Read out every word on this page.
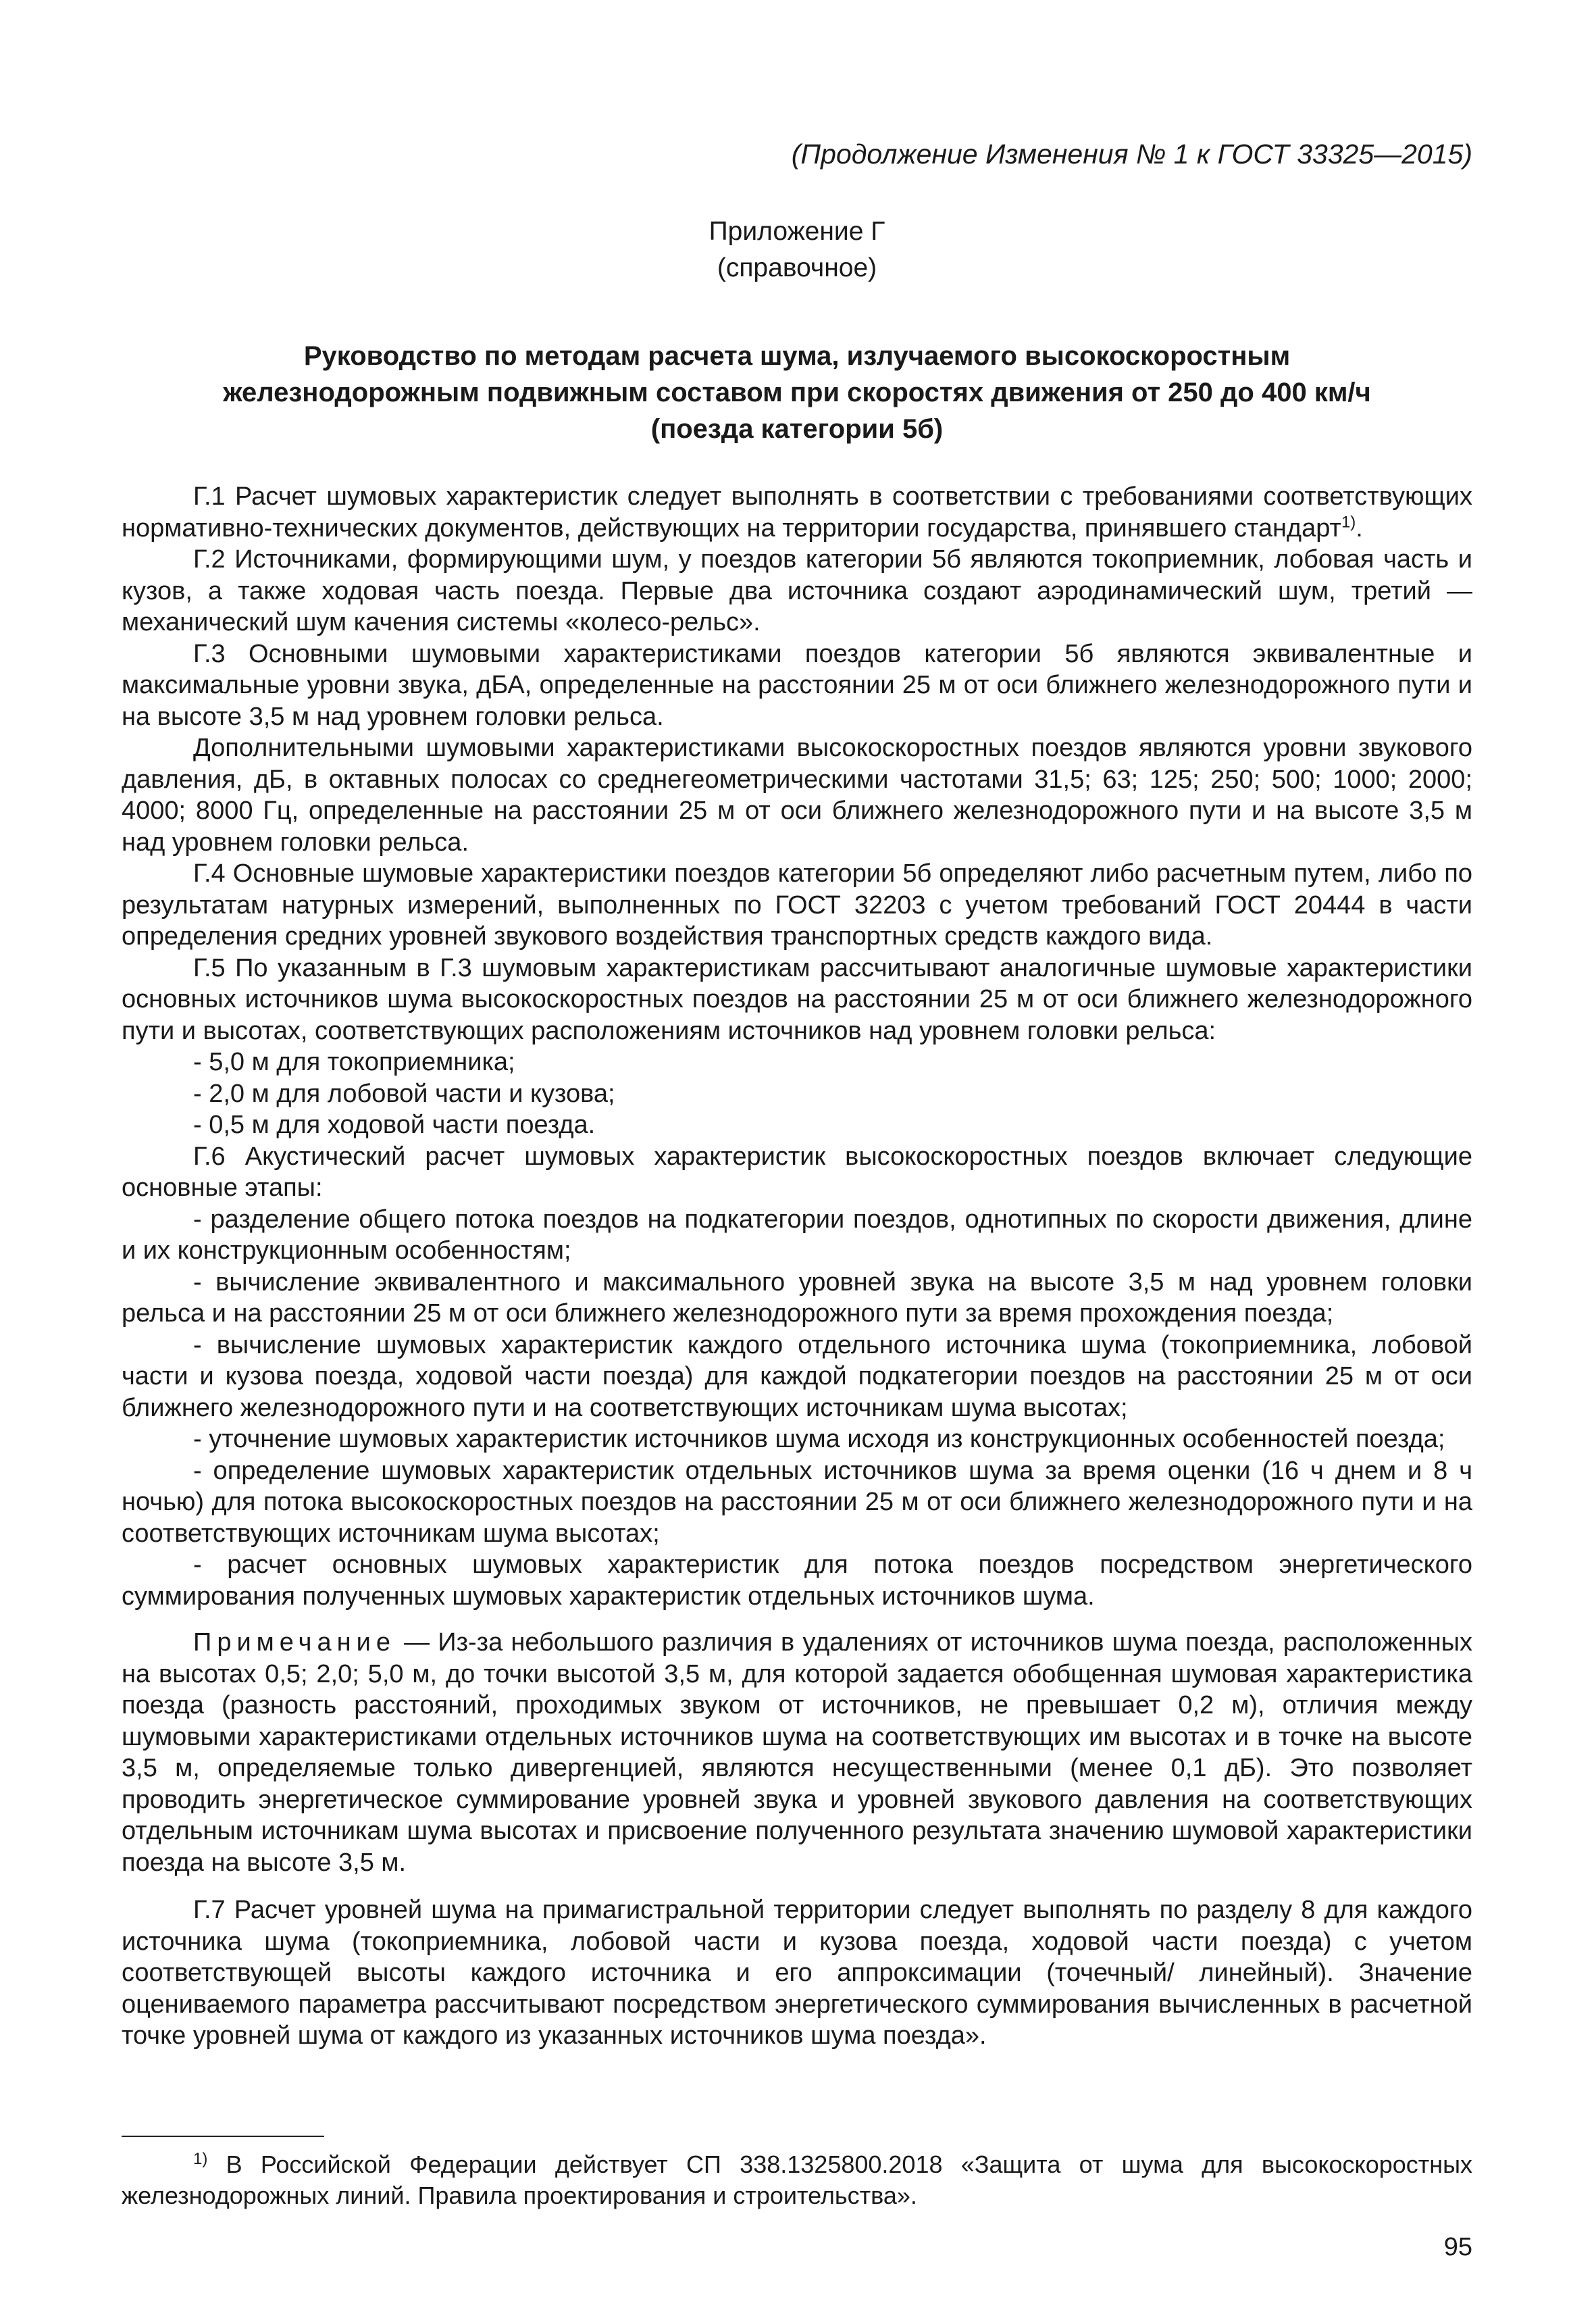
(Продолжение Изменения № 1 к ГОСТ 33325—2015)
Приложение Г
(справочное)
Руководство по методам расчета шума, излучаемого высокоскоростным
железнодорожным подвижным составом при скоростях движения от 250 до 400 км/ч
(поезда категории 5б)

Г.1 Расчет шумовых характеристик следует выполнять в соответствии с требованиями соответствующих нормативно-технических документов, действующих на территории государства, принявшего стандарт$^{1)}$.

Г.2 Источниками, формирующими шум, у поездов категории 5б являются токоприемник, лобовая часть и кузов, а также ходовая часть поезда. Первые два источника создают аэродинамический шум, третий — механический шум качения системы «колесо-рельс».

Г.3 Основными шумовыми характеристиками поездов категории 5б являются эквивалентные и максимальные уровни звука, дБА, определенные на расстоянии 25 м от оси ближнего железнодорожного пути и на высоте 3,5 м над уровнем головки рельса.

Дополнительными шумовыми характеристиками высокоскоростных поездов являются уровни звукового давления, дБ, в октавных полосах со среднегеометрическими частотами 31,5; 63; 125; 250; 500; 1000; 2000; 4000; 8000 Гц, определенные на расстоянии 25 м от оси ближнего железнодорожного пути и на высоте 3,5 м над уровнем головки рельса.

Г.4 Основные шумовые характеристики поездов категории 5б определяют либо расчетным путем, либо по результатам натурных измерений, выполненных по ГОСТ 32203 с учетом требований ГОСТ 20444 в части определения средних уровней звукового воздействия транспортных средств каждого вида.

Г.5 По указанным в Г.3 шумовым характеристикам рассчитывают аналогичные шумовые характеристики основных источников шума высокоскоростных поездов на расстоянии 25 м от оси ближнего железнодорожного пути и высотах, соответствующих расположениям источников над уровнем головки рельса:

- 5,0 м для токоприемника;

- 2,0 м для лобовой части и кузова;

- 0,5 м для ходовой части поезда.

Г.6 Акустический расчет шумовых характеристик высокоскоростных поездов включает следующие основные этапы:

- разделение общего потока поездов на подкатегории поездов, однотипных по скорости движения, длине и их конструкционным особенностям;

- вычисление эквивалентного и максимального уровней звука на высоте 3,5 м над уровнем головки рельса и на расстоянии 25 м от оси ближнего железнодорожного пути за время прохождения поезда;

- вычисление шумовых характеристик каждого отдельного источника шума (токоприемника, лобовой части и кузова поезда, ходовой части поезда) для каждой подкатегории поездов на расстоянии 25 м от оси ближнего железнодорожного пути и на соответствующих источникам шума высотах;

- уточнение шумовых характеристик источников шума исходя из конструкционных особенностей поезда;

- определение шумовых характеристик отдельных источников шума за время оценки (16 ч днем и 8 ч ночью) для потока высокоскоростных поездов на расстоянии 25 м от оси ближнего железнодорожного пути и на соответствующих источникам шума высотах;

- расчет основных шумовых характеристик для потока поездов посредством энергетического суммирования полученных шумовых характеристик отдельных источников шума.

Примечание — Из-за небольшого различия в удалениях от источников шума поезда, расположенных на высотах 0,5; 2,0; 5,0 м, до точки высотой 3,5 м, для которой задается обобщенная шумовая характеристика поезда (разность расстояний, проходимых звуком от источников, не превышает 0,2 м), отличия между шумовыми характеристиками отдельных источников шума на соответствующих им высотах и в точке на высоте 3,5 м, определяемые только дивергенцией, являются несущественными (менее 0,1 дБ). Это позволяет проводить энергетическое суммирование уровней звука и уровней звукового давления на соответствующих отдельным источникам шума высотах и присвоение полученного результата значению шумовой характеристики поезда на высоте 3,5 м.

Г.7 Расчет уровней шума на примагистральной территории следует выполнять по разделу 8 для каждого источника шума (токоприемника, лобовой части и кузова поезда, ходовой части поезда) с учетом соответствующей высоты каждого источника и его аппроксимации (точечный/ линейный). Значение оцениваемого параметра рассчитывают посредством энергетического суммирования вычисленных в расчетной точке уровней шума от каждого из указанных источников шума поезда».

$^{1)}$ В Российской Федерации действует СП 338.1325800.2018 «Защита от шума для высокоскоростных железнодорожных линий. Правила проектирования и строительства».

95
